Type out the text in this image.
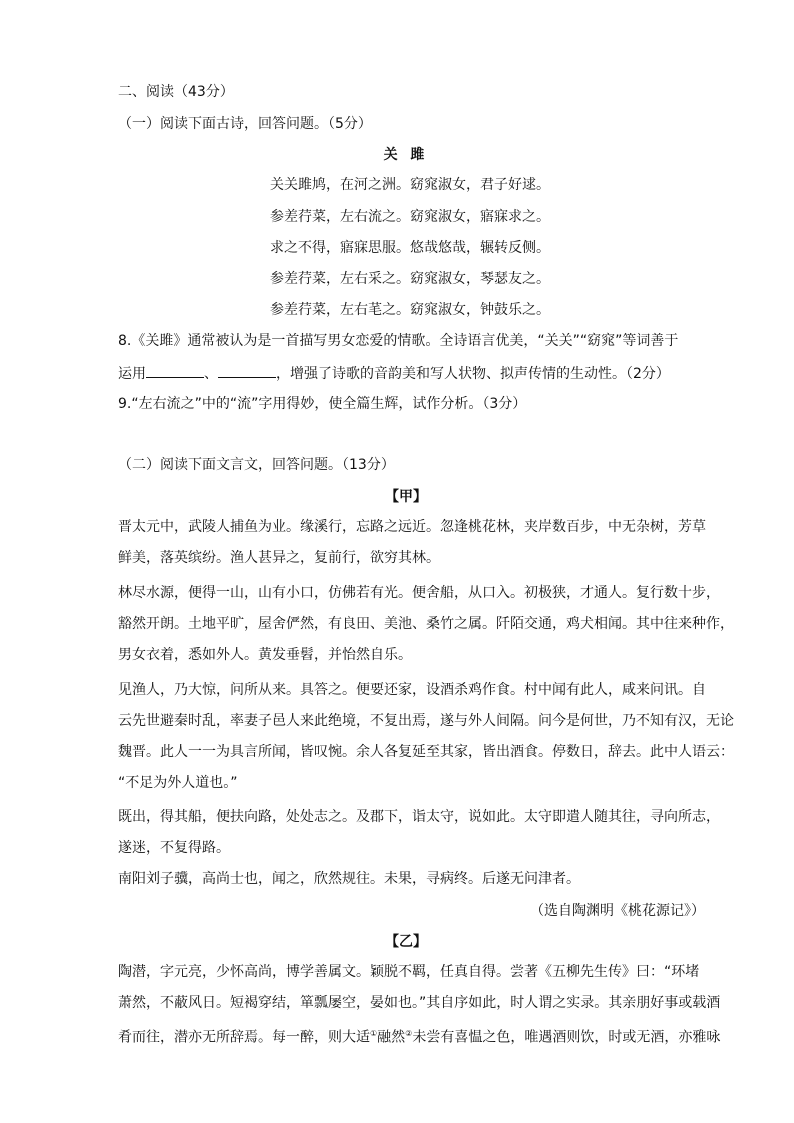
二、阅读（43分）
（一）阅读下面古诗，回答问题。（5分）
关 雎
关关雎鸠，在河之洲。窈窕淑女，君子好逑。
参差荇菜，左右流之。窈窕淑女，寤寐求之。
求之不得，寤寐思服。悠哉悠哉，辗转反侧。
参差荇菜，左右采之。窈窕淑女，琴瑟友之。
参差荇菜，左右芼之。窈窕淑女，钟鼓乐之。
8.《关雎》通常被认为是一首描写男女恋爱的情歌。全诗语言优美，“关关”“窈窕”等词善于
运用	、	，增强了诗歌的音韵美和写人状物、拟声传情的生动性。（2分）
9.“左右流之”中的“流”字用得妙，使全篇生辉，试作分析。（3分）
（二）阅读下面文言文，回答问题。（13分）
【甲】
晋太元中，武陵人捕鱼为业。缘溪行，忘路之远近。忽逢桃花林，夹岸数百步，中无杂树，芳草
鲜美，落英缤纷。渔人甚异之，复前行，欲穷其林。
林尽水源，便得一山，山有小口，仿佛若有光。便舍船，从口入。初极狭，才通人。复行数十步，
豁然开朗。土地平旷，屋舍俨然，有良田、美池、桑竹之属。阡陌交通，鸡犬相闻。其中往来种作，
男女衣着，悉如外人。黄发垂髫，并怡然自乐。
见渔人，乃大惊，问所从来。具答之。便要还家，设酒杀鸡作食。村中闻有此人，咸来问讯。自
云先世避秦时乱，率妻子邑人来此绝境，不复出焉，遂与外人间隔。问今是何世，乃不知有汉，无论
魏晋。此人一一为具言所闻，皆叹惋。余人各复延至其家，皆出酒食。停数日，辞去。此中人语云：
“不足为外人道也。”
既出，得其船，便扶向路，处处志之。及郡下，诣太守，说如此。太守即遣人随其往，寻向所志，
遂迷，不复得路。
南阳刘子骥，高尚士也，闻之，欣然规往。未果，寻病终。后遂无问津者。
（选自陶渊明《桃花源记》）
【乙】
陶潜，字元亮，少怀高尚，博学善属文。颖脱不羁，任真自得。尝著《五柳先生传》曰：“环堵
萧然，不蔽风日。短褐穿结，箪瓢屡空，晏如也。”其自序如此，时人谓之实录。其亲朋好事或载酒
肴而往，潜亦无所辞焉。每一醉，则大适①融然②未尝有喜愠之色，唯遇酒则饮，时或无酒，亦雅咏
